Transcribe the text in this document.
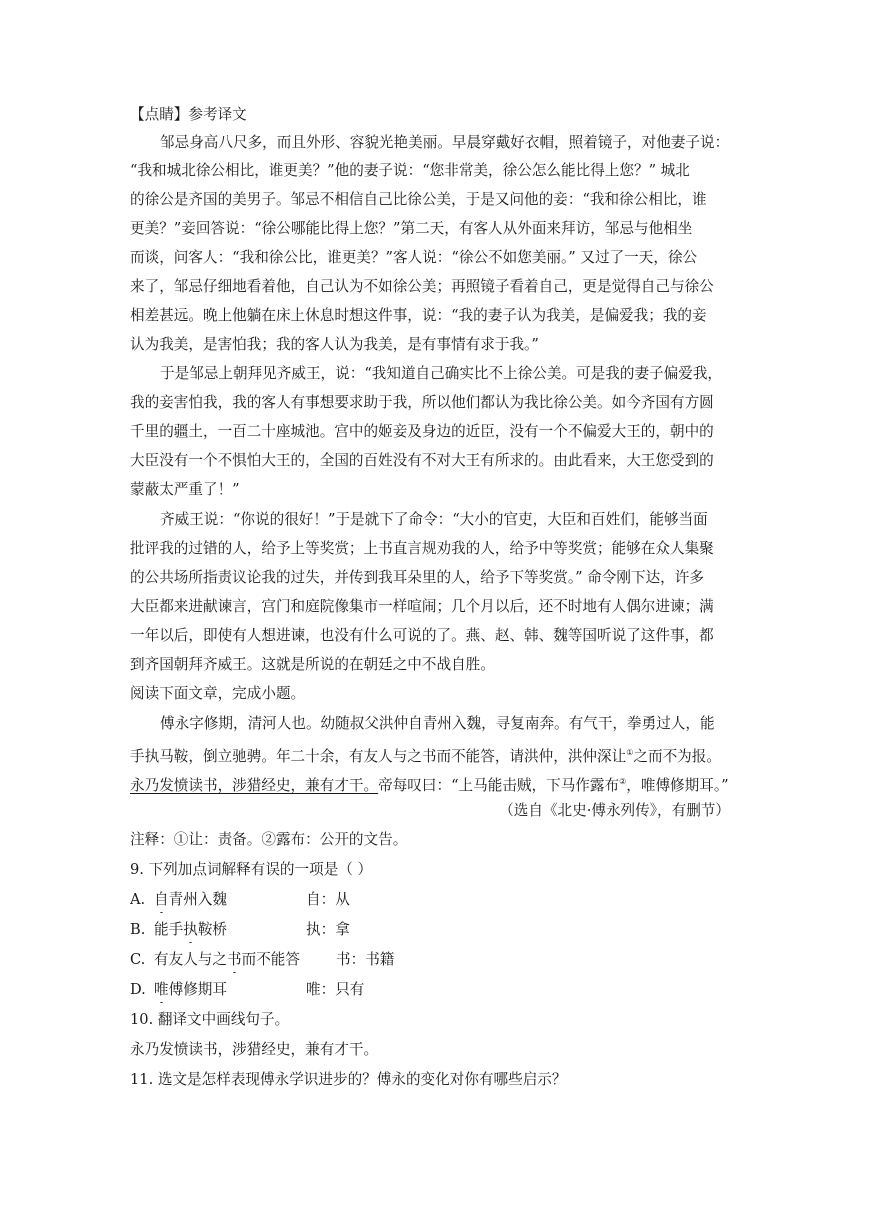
【点睛】参考译文
邹忌身高八尺多，而且外形、容貌光艳美丽。早晨穿戴好衣帽，照着镜子，对他妻子说：
“我和城北徐公相比，谁更美？”他的妻子说：“您非常美，徐公怎么能比得上您？” 城北
的徐公是齐国的美男子。邹忌不相信自己比徐公美，于是又问他的妾：“我和徐公相比，谁
更美？”妾回答说：“徐公哪能比得上您？”第二天，有客人从外面来拜访，邹忌与他相坐
而谈，问客人：“我和徐公比，谁更美？”客人说：“徐公不如您美丽。” 又过了一天，徐公
来了，邹忌仔细地看着他，自己认为不如徐公美；再照镜子看着自己，更是觉得自己与徐公
相差甚远。晚上他躺在床上休息时想这件事，说：“我的妻子认为我美，是偏爱我；我的妾
认为我美，是害怕我；我的客人认为我美，是有事情有求于我。”
于是邹忌上朝拜见齐威王，说：“我知道自己确实比不上徐公美。可是我的妻子偏爱我，
我的妾害怕我，我的客人有事想要求助于我，所以他们都认为我比徐公美。如今齐国有方圆
千里的疆土，一百二十座城池。宫中的姬妾及身边的近臣，没有一个不偏爱大王的，朝中的
大臣没有一个不惧怕大王的，全国的百姓没有不对大王有所求的。由此看来，大王您受到的
蒙蔽太严重了！”
齐威王说：“你说的很好！”于是就下了命令：“大小的官吏，大臣和百姓们，能够当面
批评我的过错的人，给予上等奖赏；上书直言规劝我的人，给予中等奖赏；能够在众人集聚
的公共场所指责议论我的过失，并传到我耳朵里的人，给予下等奖赏。” 命令刚下达，许多
大臣都来进献谏言，宫门和庭院像集市一样喧闹；几个月以后，还不时地有人偶尔进谏；满
一年以后，即使有人想进谏，也没有什么可说的了。燕、赵、韩、魏等国听说了这件事，都
到齐国朝拜齐威王。这就是所说的在朝廷之中不战自胜。
阅读下面文章，完成小题。
傅永字修期，清河人也。幼随叔父洪仲自青州入魏，寻复南奔。有气干，拳勇过人，能
手执马鞍，倒立驰骋。年二十余，有友人与之书而不能答，请洪仲，洪仲深让①之而不为报。
永乃发愤读书，涉猎经史，兼有才干。帝每叹曰：“上马能击贼，下马作露布②，唯傅修期耳。”
（选自《北史·傅永列传》，有删节）
注释：①让：责备。②露布：公开的文告。
9. 下列加点词解释有误的一项是（ ）
A. 自青州入魏	自：从
B. 能手执鞍桥	执：拿
C. 有友人与之书而不能答 书：书籍
D. 唯傅修期耳	唯：只有
10. 翻译文中画线句子。
永乃发愤读书，涉猎经史，兼有才干。
11. 选文是怎样表现傅永学识进步的？傅永的变化对你有哪些启示？
